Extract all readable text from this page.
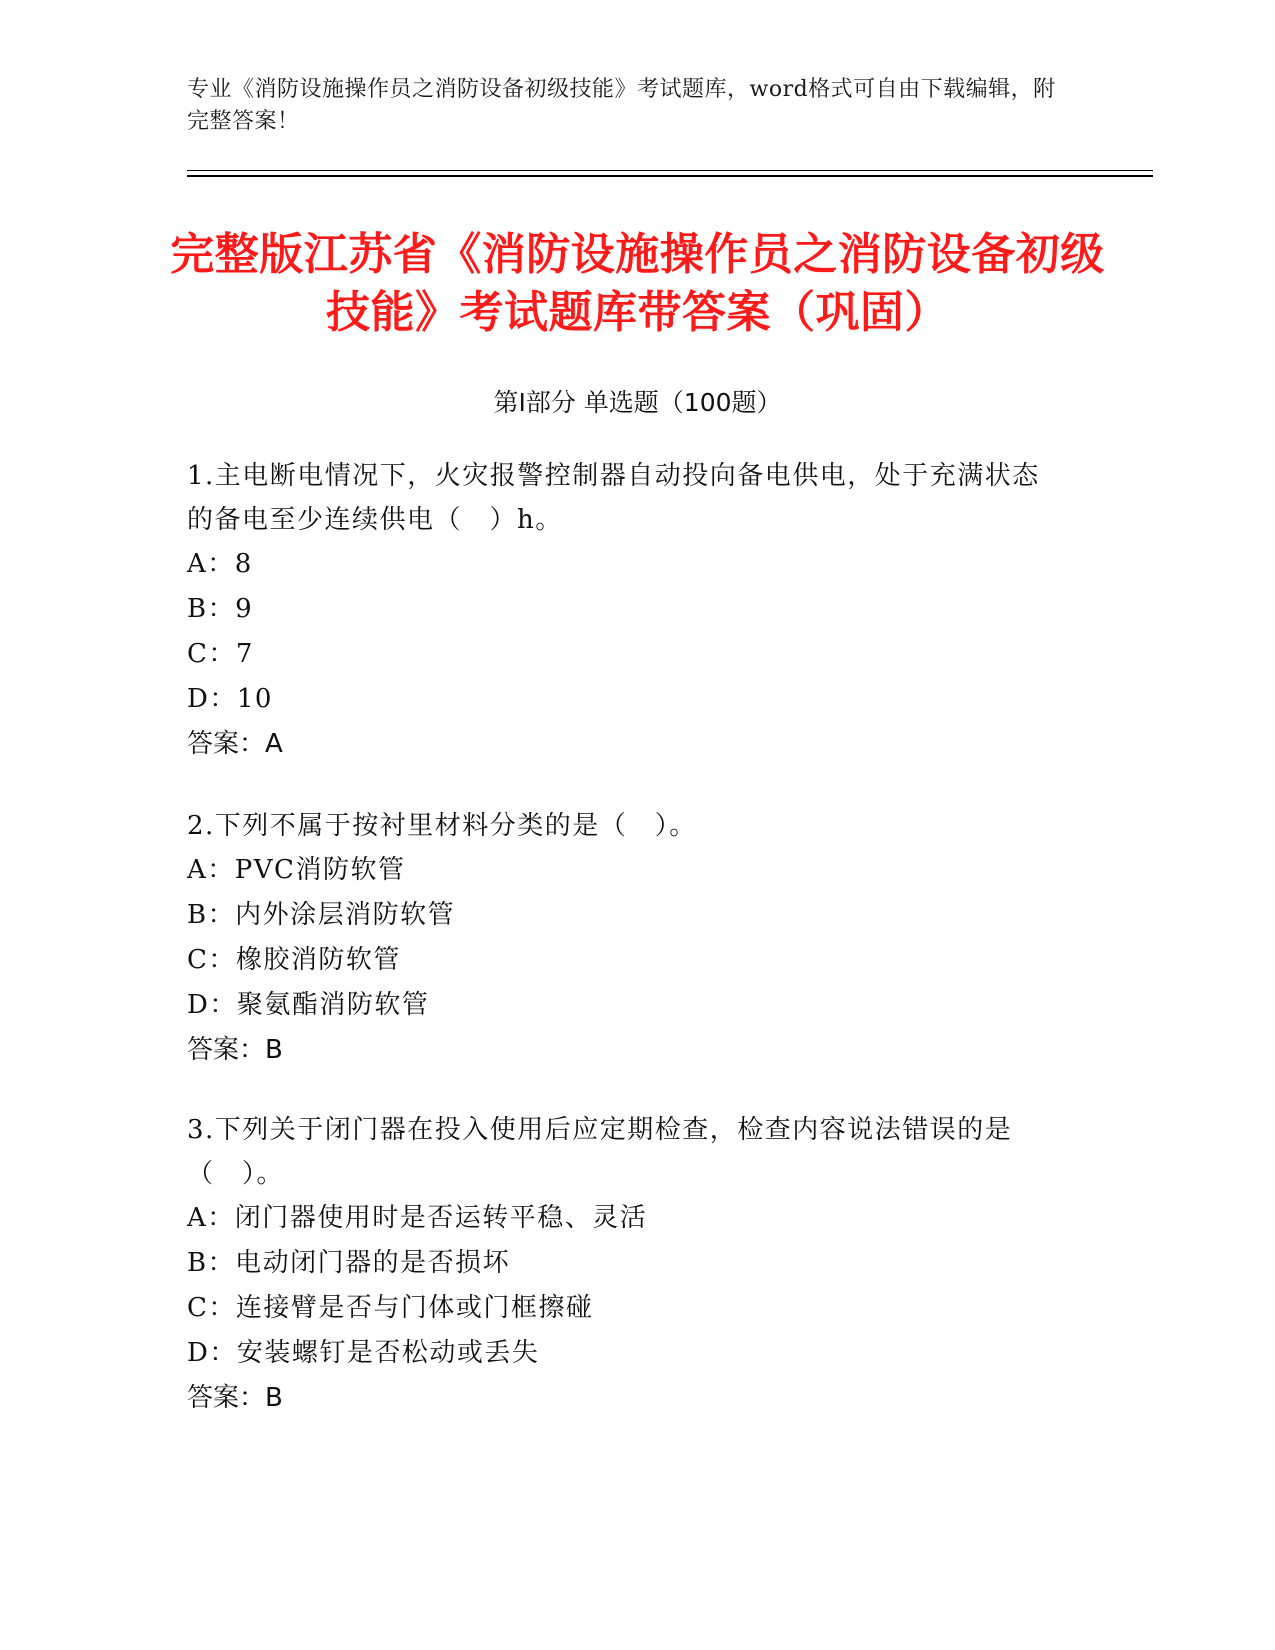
专业《消防设施操作员之消防设备初级技能》考试题库，word格式可自由下载编辑，附完整答案！
完整版江苏省《消防设施操作员之消防设备初级技能》考试题库带答案（巩固）
第I部分 单选题（100题）
1.主电断电情况下，火灾报警控制器自动投向备电供电，处于充满状态的备电至少连续供电（　）h。
A：8
B：9
C：7
D：10
答案：A
2.下列不属于按衬里材料分类的是（　）。
A：PVC消防软管
B：内外涂层消防软管
C：橡胶消防软管
D：聚氨酯消防软管
答案：B
3.下列关于闭门器在投入使用后应定期检查，检查内容说法错误的是（　）。
A：闭门器使用时是否运转平稳、灵活
B：电动闭门器的是否损坏
C：连接臂是否与门体或门框擦碰
D：安装螺钉是否松动或丢失
答案：B
